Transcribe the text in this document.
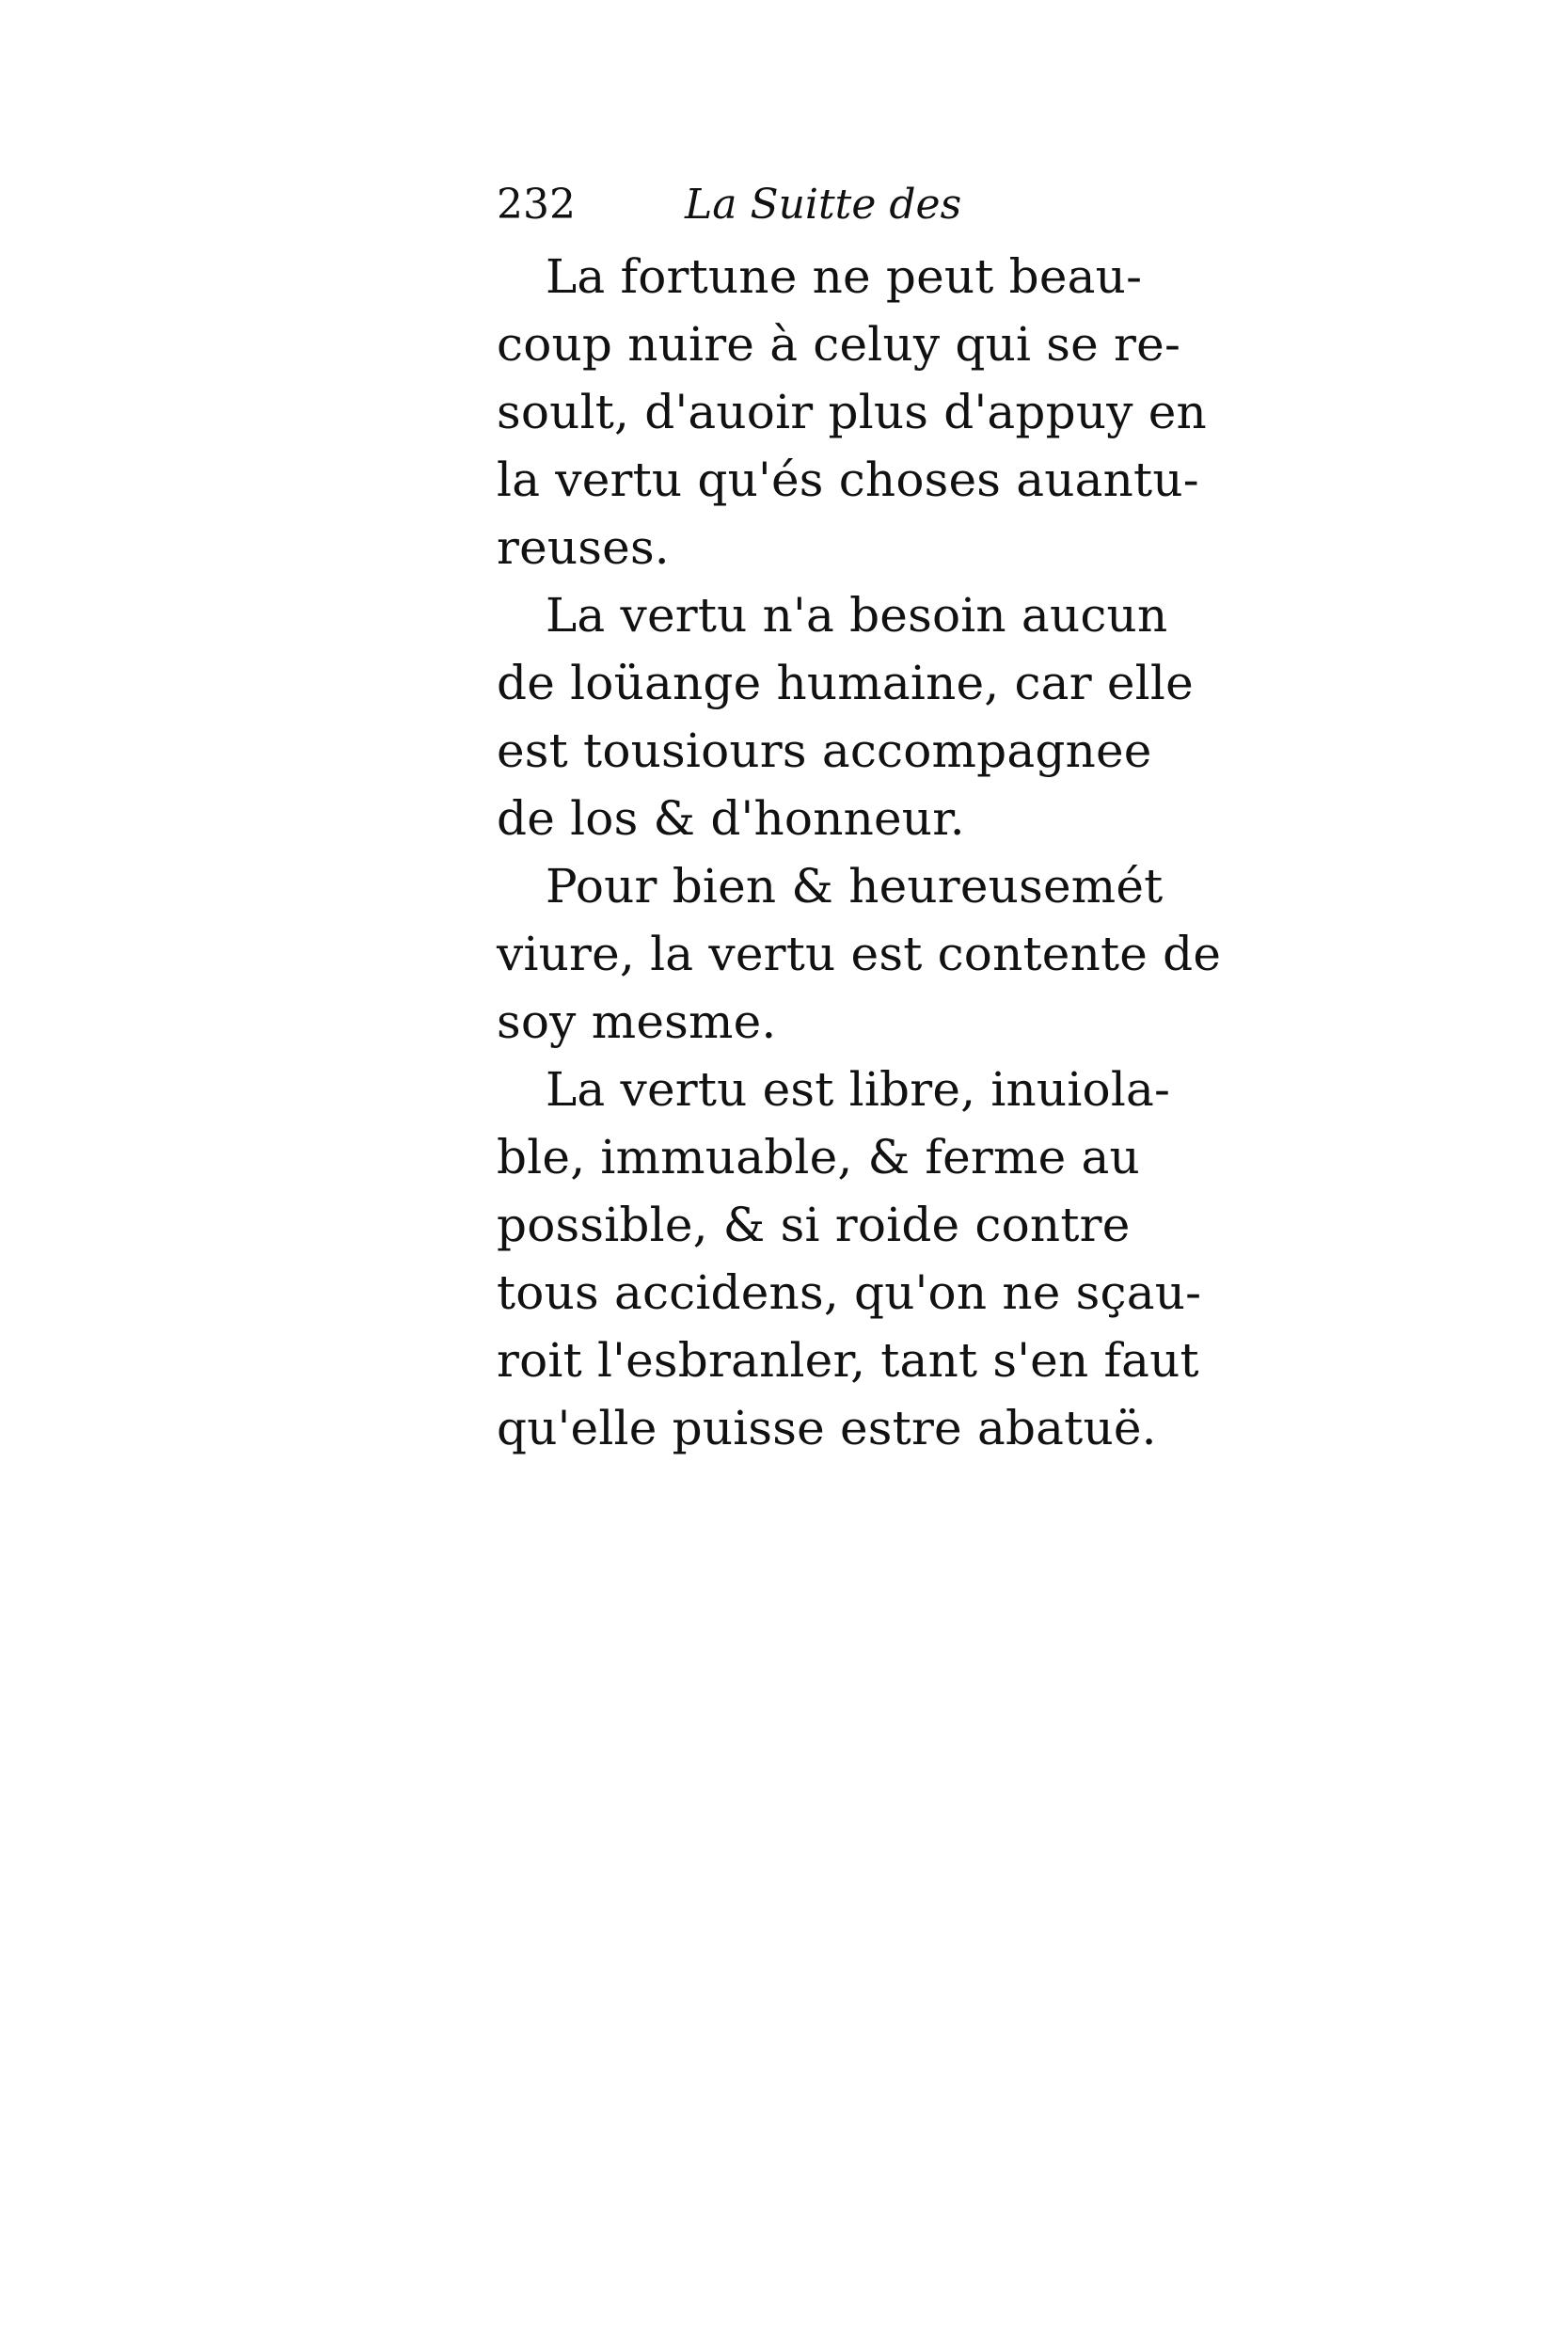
232	La Suitte des
La fortune ne peut beau-
coup nuire à celuy qui se re-
soult, d'auoir plus d'appuy en
la vertu qu'és choses auantu-
reuses.
La vertu n'a besoin aucun
de loüange humaine, car elle
est tousiours accompagnee
de los & d'honneur.
Pour bien & heureusemét
viure, la vertu est contente de
soy mesme.
La vertu est libre, inuiola-
ble, immuable, & ferme au
possible, & si roide contre
tous accidens, qu'on ne sçau-
roit l'esbranler, tant s'en faut
qu'elle puisse estre abatuë.
